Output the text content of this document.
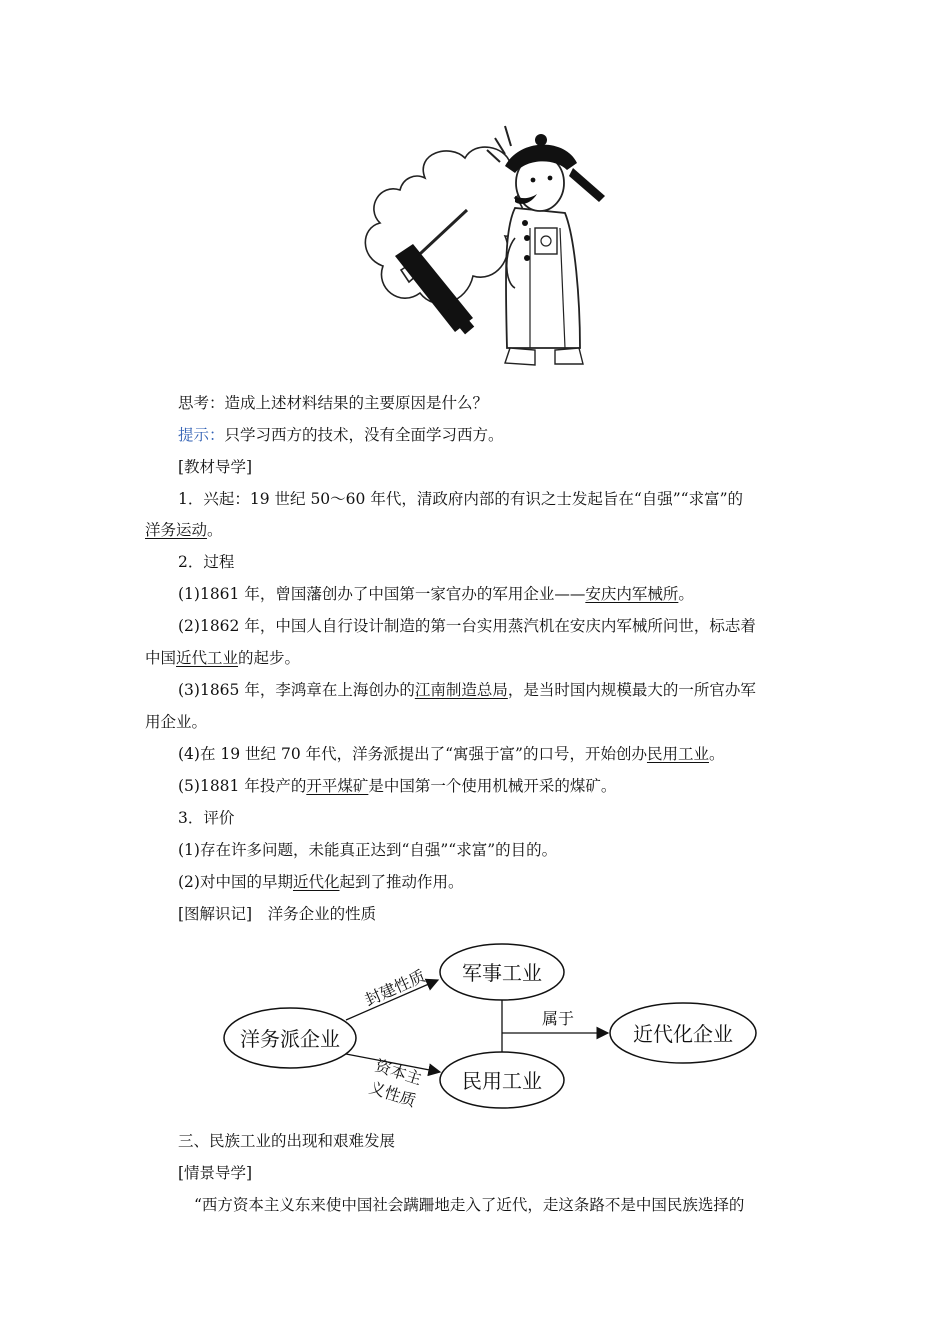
思考：造成上述材料结果的主要原因是什么？
提示：只学习西方的技术，没有全面学习西方。
[教材导学]
1．兴起：19 世纪 50～60 年代，清政府内部的有识之士发起旨在“自强”“求富”的
洋务运动。
2．过程
(1)1861 年，曾国藩创办了中国第一家官办的军用企业——安庆内军械所。
(2)1862 年，中国人自行设计制造的第一台实用蒸汽机在安庆内军械所问世，标志着
中国近代工业的起步。
(3)1865 年，李鸿章在上海创办的江南制造总局，是当时国内规模最大的一所官办军
用企业。
(4)在 19 世纪 70 年代，洋务派提出了“寓强于富”的口号，开始创办民用工业。
(5)1881 年投产的开平煤矿是中国第一个使用机械开采的煤矿。
3．评价
(1)存在许多问题，未能真正达到“自强”“求富”的目的。
(2)对中国的早期近代化起到了推动作用。
[图解识记]　洋务企业的性质
洋务派企业
军事工业
民用工业
近代化企业
封建性质
资本主
义性质
属于
三、民族工业的出现和艰难发展
[情景导学]
“西方资本主义东来使中国社会蹒跚地走入了近代，走这条路不是中国民族选择的
